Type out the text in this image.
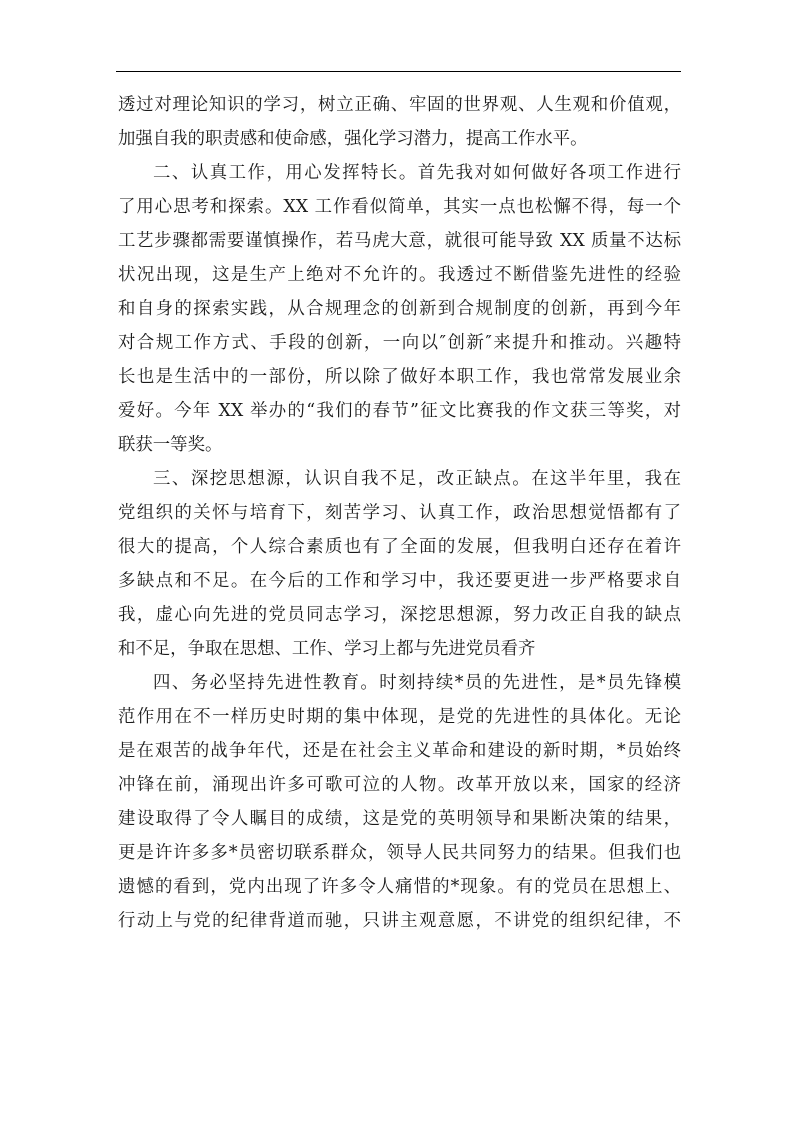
透过对理论知识的学习，树立正确、牢固的世界观、人生观和价值观，
加强自我的职责感和使命感，强化学习潜力，提高工作水平。
二、认真工作，用心发挥特长。首先我对如何做好各项工作进行
了用心思考和探索。XX 工作看似简单，其实一点也松懈不得，每一个
工艺步骤都需要谨慎操作，若马虎大意，就很可能导致 XX 质量不达标
状况出现，这是生产上绝对不允许的。我透过不断借鉴先进性的经验
和自身的探索实践，从合规理念的创新到合规制度的创新，再到今年
对合规工作方式、手段的创新，一向以″创新″来提升和推动。兴趣特
长也是生活中的一部份，所以除了做好本职工作，我也常常发展业余
爱好。今年 XX 举办的“我们的春节”征文比赛我的作文获三等奖，对
联获一等奖。
三、深挖思想源，认识自我不足，改正缺点。在这半年里，我在
党组织的关怀与培育下，刻苦学习、认真工作，政治思想觉悟都有了
很大的提高，个人综合素质也有了全面的发展，但我明白还存在着许
多缺点和不足。在今后的工作和学习中，我还要更进一步严格要求自
我，虚心向先进的党员同志学习，深挖思想源，努力改正自我的缺点
和不足，争取在思想、工作、学习上都与先进党员看齐
四、务必坚持先进性教育。时刻持续*员的先进性，是*员先锋模
范作用在不一样历史时期的集中体现，是党的先进性的具体化。无论
是在艰苦的战争年代，还是在社会主义革命和建设的新时期，*员始终
冲锋在前，涌现出许多可歌可泣的人物。改革开放以来，国家的经济
建设取得了令人瞩目的成绩，这是党的英明领导和果断决策的结果，
更是许许多多*员密切联系群众，领导人民共同努力的结果。但我们也
遗憾的看到，党内出现了许多令人痛惜的*现象。有的党员在思想上、
行动上与党的纪律背道而驰，只讲主观意愿，不讲党的组织纪律，不
